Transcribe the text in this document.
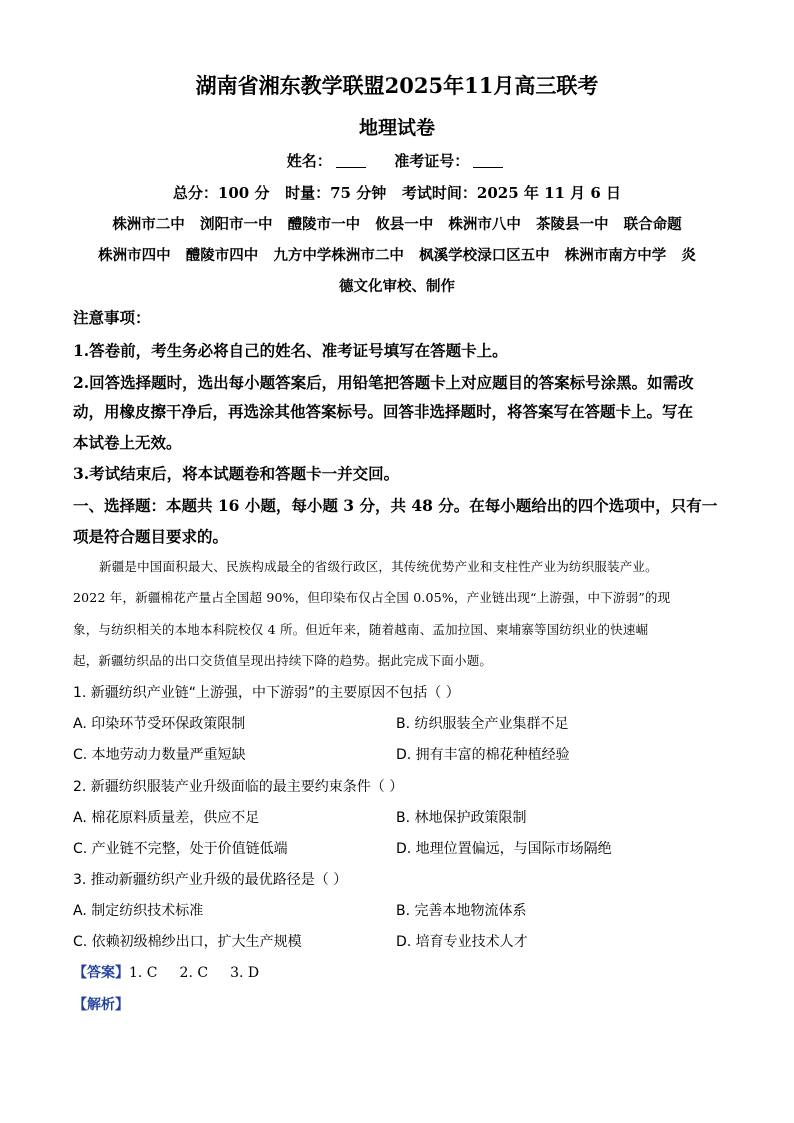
湖南省湘东教学联盟2025年11月高三联考
地理试卷
姓名：	准考证号：
总分：100 分   时量：75 分钟   考试时间：2025 年 11 月 6 日
株洲市二中   浏阳市一中   醴陵市一中   攸县一中   株洲市八中   茶陵县一中   联合命题
株洲市四中   醴陵市四中   九方中学株洲市二中   枫溪学校渌口区五中   株洲市南方中学   炎
德文化审校、制作
注意事项：
1.答卷前，考生务必将自己的姓名、准考证号填写在答题卡上。
2.回答选择题时，选出每小题答案后，用铅笔把答题卡上对应题目的答案标号涂黑。如需改
动，用橡皮擦干净后，再选涂其他答案标号。回答非选择题时，将答案写在答题卡上。写在
本试卷上无效。
3.考试结束后，将本试题卷和答题卡一并交回。
一、选择题：本题共 16 小题，每小题 3 分，共 48 分。在每小题给出的四个选项中，只有一
项是符合题目要求的。
新疆是中国面积最大、民族构成最全的省级行政区，其传统优势产业和支柱性产业为纺织服装产业。
2022 年，新疆棉花产量占全国超 90%，但印染布仅占全国 0.05%，产业链出现“上游强，中下游弱”的现
象，与纺织相关的本地本科院校仅 4 所。但近年来，随着越南、孟加拉国、柬埔寨等国纺织业的快速崛
起，新疆纺织品的出口交货值呈现出持续下降的趋势。据此完成下面小题。
1. 新疆纺织产业链“上游强，中下游弱”的主要原因不包括（ ）
A. 印染环节受环保政策限制	B. 纺织服装全产业集群不足
C. 本地劳动力数量严重短缺	D. 拥有丰富的棉花种植经验
2. 新疆纺织服装产业升级面临的最主要约束条件（ ）
A. 棉花原料质量差，供应不足	B. 林地保护政策限制
C. 产业链不完整，处于价值链低端	D. 地理位置偏远，与国际市场隔绝
3. 推动新疆纺织产业升级的最优路径是（ ）
A. 制定纺织技术标准	B. 完善本地物流体系
C. 依赖初级棉纱出口，扩大生产规模	D. 培育专业技术人才
【答案】1. C 2. C 3. D
【解析】
